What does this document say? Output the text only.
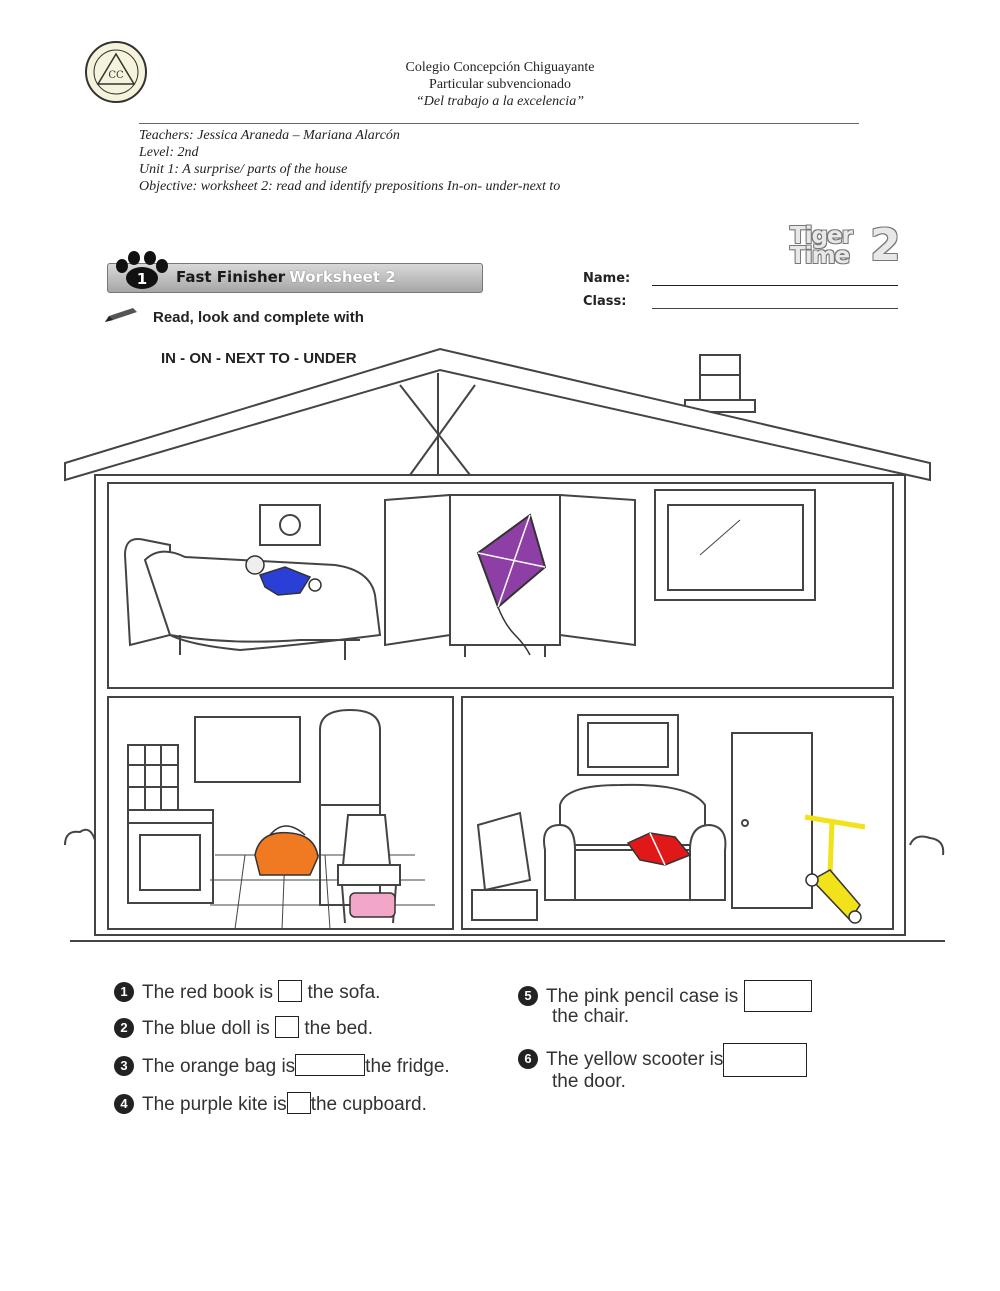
CC
Colegio Concepción Chiguayante
Particular subvencionado
“Del trabajo a la excelencia”
Teachers: Jessica Araneda – Mariana Alarcón
Level: 2nd
Unit 1: A surprise/ parts of the house
Objective: worksheet 2: read and identify prepositions In-on- under-next to
Tiger
Time 2
1 Fast Finisher Worksheet 2	Name:
Class:
Read, look and complete with
IN - ON - NEXT TO - UNDER
1 The red book is the sofa.
2 The blue doll is the bed.
3 The orange bag is	the fridge.
4 The purple kite is the cupboard.
5 The pink pencil case is
the chair.
6 The yellow scooter is
the door.
